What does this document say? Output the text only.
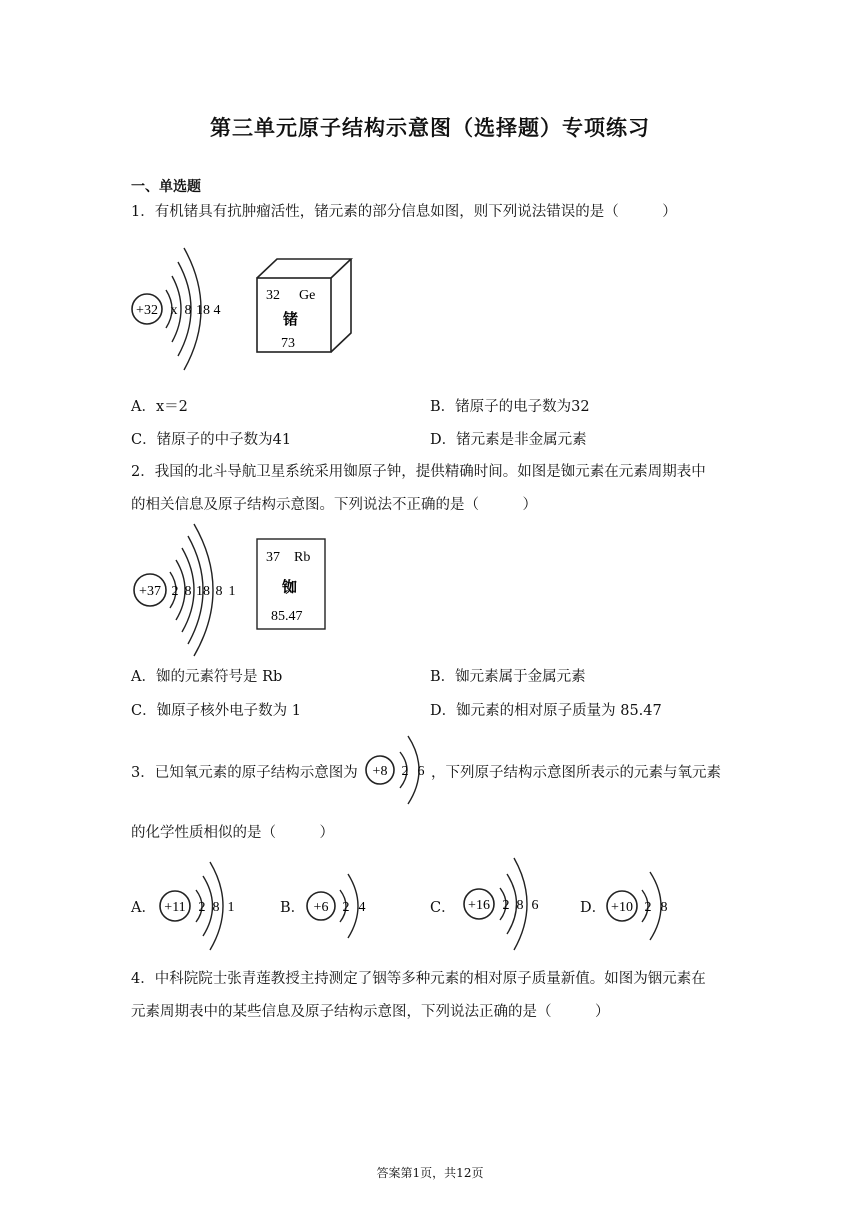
第三单元原子结构示意图（选择题）专项练习
一、单选题
1．有机锗具有抗肿瘤活性，锗元素的部分信息如图，则下列说法错误的是（　　　）
+32 x 8 18 4
32 Ge
锗
73
A．x＝2	B．锗原子的电子数为32
C．锗原子的中子数为41	D．锗元素是非金属元素
2．我国的北斗导航卫星系统采用铷原子钟，提供精确时间。如图是铷元素在元素周期表中
的相关信息及原子结构示意图。下列说法不正确的是（　　　）
+37 2 8 18 8 1
37 Rb
铷
85.47
A．铷的元素符号是 Rb	B．铷元素属于金属元素
C．铷原子核外电子数为 1	D．铷元素的相对原子质量为 85.47
3．已知氧元素的原子结构示意图为 +8 2 6 ，下列原子结构示意图所表示的元素与氧元素
的化学性质相似的是（　　　）
A． +11 2 8 1	B． +6 2 4	C． +16 2 8 6	D． +10 2 8
4．中科院院士张青莲教授主持测定了铟等多种元素的相对原子质量新值。如图为铟元素在
元素周期表中的某些信息及原子结构示意图，下列说法正确的是（　　　）
答案第1页，共12页
